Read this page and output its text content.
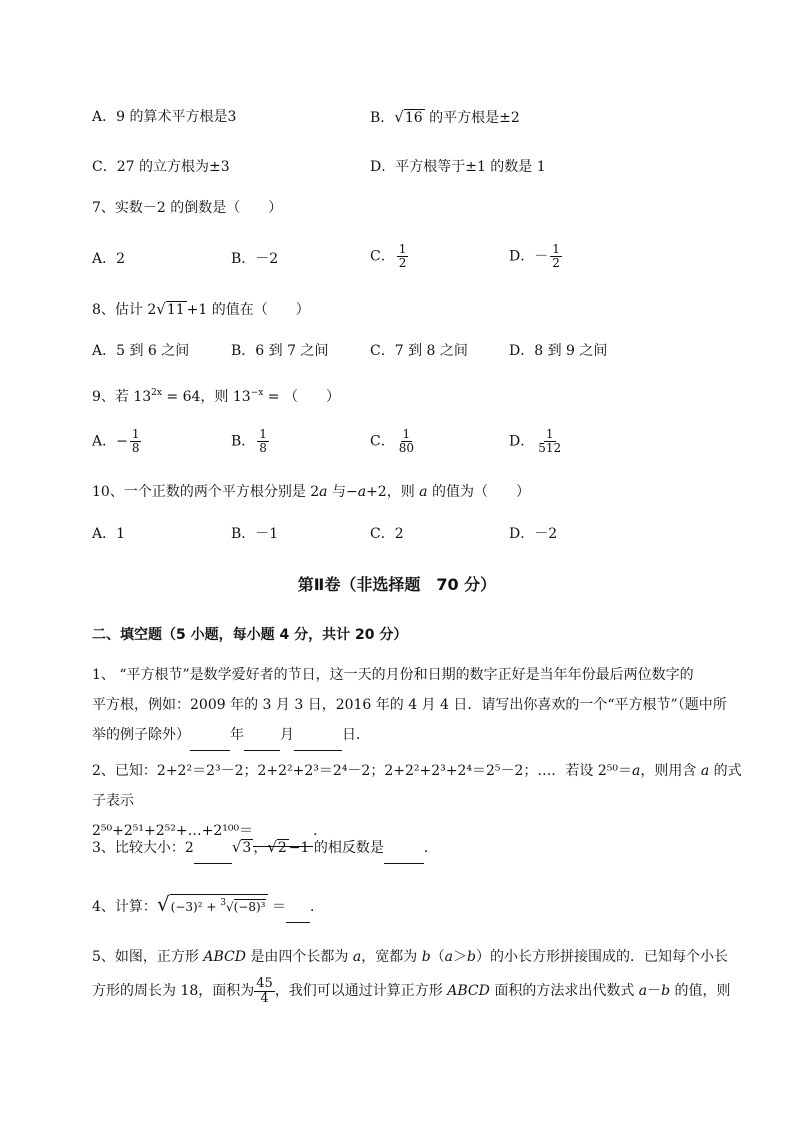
A．9 的算术平方根是3	B．√16 的平方根是±2
C．27 的立方根为±3	D．平方根等于±1 的数是 1
7、实数－2 的倒数是（　　）
A．2	B．－2	C． $\frac{1}{2}$	D．－ $\frac{1}{2}$
8、估计 2√11 +1 的值在（　　）
A．5 到 6 之间	B．6 到 7 之间	C．7 到 8 之间	D．8 到 9 之间
9、若 $13^{2x} = 64$，则 $13^{-x}$ = （　　）
A．− $\frac{1}{8}$	B． $\frac{1}{8}$	C． $\frac{1}{80}$	D． $\frac{1}{512}$
10、一个正数的两个平方根分别是 2a 与−a+2，则 a 的值为（　　）
A．1	B．－1	C．2	D．－2
第Ⅱ卷（非选择题　70 分）
二、填空题（5 小题，每小题 4 分，共计 20 分）
1、 “平方根节”是数学爱好者的节日，这一天的月份和日期的数字正好是当年年份最后两位数字的
平方根，例如：2009 年的 3 月 3 日，2016 年的 4 月 4 日．请写出你喜欢的一个“平方根节”（题中所
举的例子除外）	年	月	日．
2、已知：2+2²＝2³－2；2+2²+2³＝2⁴－2；2+2²+2³+2⁴＝2⁵－2；…．若设 2⁵⁰＝a，则用含 a 的式子表示
2⁵⁰+2⁵¹+2⁵²+…+2¹⁰⁰＝	．
3、比较大小：2	√3 ，√2 −1 的相反数是	．
4、计算：√(−3)² + $^3$√(−8)³ ＝ ．
5、如图，正方形 ABCD 是由四个长都为 a，宽都为 b（a＞b）的小长方形拼接围成的．已知每个小长
方形的周长为 18，面积为 $\frac{45}{4}$ ，我们可以通过计算正方形 ABCD 面积的方法求出代数式 a－b 的值，则
